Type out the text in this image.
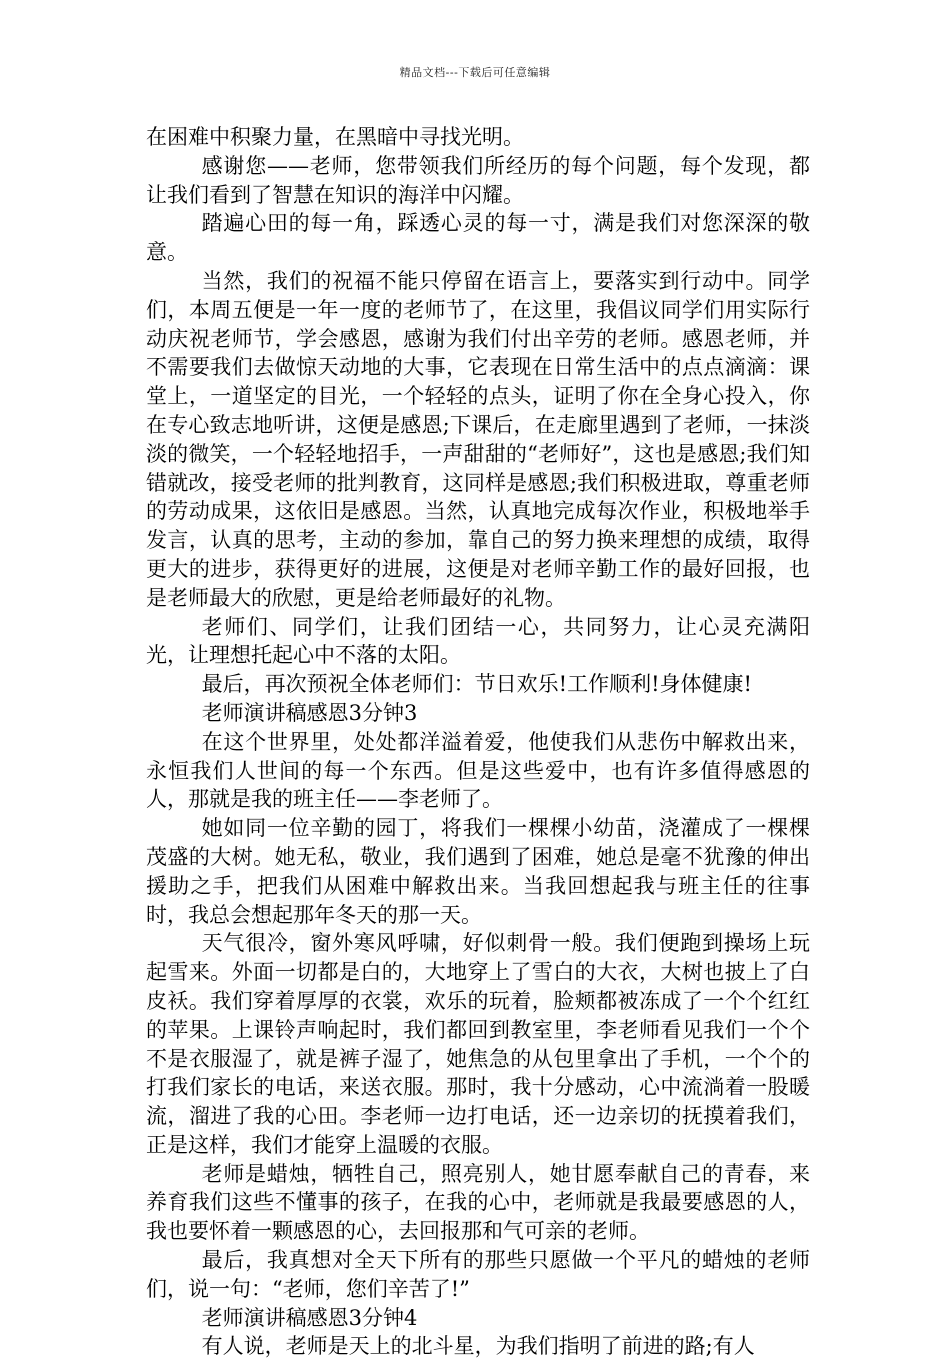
精品文档---下载后可任意编辑

在困难中积聚力量，在黑暗中寻找光明。

感谢您——老师，您带领我们所经历的每个问题，每个发现，都让我们看到了智慧在知识的海洋中闪耀。

踏遍心田的每一角，踩透心灵的每一寸，满是我们对您深深的敬意。

当然，我们的祝福不能只停留在语言上，要落实到行动中。同学们，本周五便是一年一度的老师节了，在这里，我倡议同学们用实际行动庆祝老师节，学会感恩，感谢为我们付出辛劳的老师。感恩老师，并不需要我们去做惊天动地的大事，它表现在日常生活中的点点滴滴：课堂上，一道坚定的目光，一个轻轻的点头，证明了你在全身心投入，你在专心致志地听讲，这便是感恩;下课后，在走廊里遇到了老师，一抹淡淡的微笑，一个轻轻地招手，一声甜甜的“老师好”，这也是感恩;我们知错就改，接受老师的批判教育，这同样是感恩;我们积极进取，尊重老师的劳动成果，这依旧是感恩。当然，认真地完成每次作业，积极地举手发言，认真的思考，主动的参加，靠自己的努力换来理想的成绩，取得更大的进步，获得更好的进展，这便是对老师辛勤工作的最好回报，也是老师最大的欣慰，更是给老师最好的礼物。

老师们、同学们，让我们团结一心，共同努力，让心灵充满阳光，让理想托起心中不落的太阳。

最后，再次预祝全体老师们：节日欢乐!工作顺利!身体健康!

老师演讲稿感恩3分钟3

在这个世界里，处处都洋溢着爱，他使我们从悲伤中解救出来，永恒我们人世间的每一个东西。但是这些爱中，也有许多值得感恩的人，那就是我的班主任——李老师了。

她如同一位辛勤的园丁，将我们一棵棵小幼苗，浇灌成了一棵棵茂盛的大树。她无私，敬业，我们遇到了困难，她总是毫不犹豫的伸出援助之手，把我们从困难中解救出来。当我回想起我与班主任的往事时，我总会想起那年冬天的那一天。

天气很冷，窗外寒风呼啸，好似刺骨一般。我们便跑到操场上玩起雪来。外面一切都是白的，大地穿上了雪白的大衣，大树也披上了白皮袄。我们穿着厚厚的衣裳，欢乐的玩着，脸颊都被冻成了一个个红红的苹果。上课铃声响起时，我们都回到教室里，李老师看见我们一个个不是衣服湿了，就是裤子湿了，她焦急的从包里拿出了手机，一个个的打我们家长的电话，来送衣服。那时，我十分感动，心中流淌着一股暖流，溜进了我的心田。李老师一边打电话，还一边亲切的抚摸着我们，正是这样，我们才能穿上温暖的衣服。

老师是蜡烛，牺牲自己，照亮别人，她甘愿奉献自己的青春，来养育我们这些不懂事的孩子，在我的心中，老师就是我最要感恩的人，我也要怀着一颗感恩的心，去回报那和气可亲的老师。

最后，我真想对全天下所有的那些只愿做一个平凡的蜡烛的老师们，说一句：“老师，您们辛苦了!”

老师演讲稿感恩3分钟4

有人说，老师是天上的北斗星，为我们指明了前进的路;有人
